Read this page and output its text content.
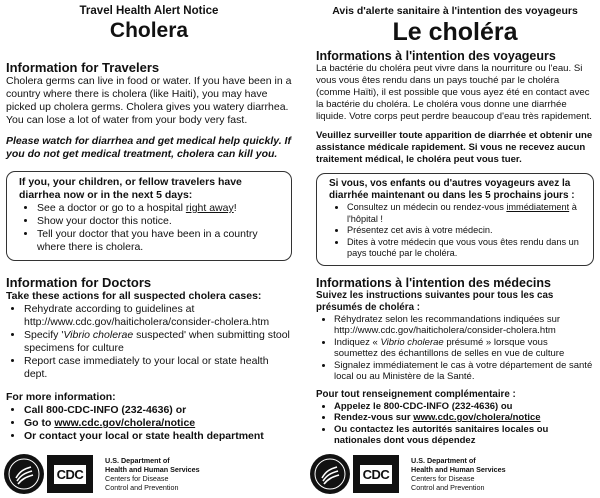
Travel Health Alert Notice
Cholera
Information for Travelers

Cholera germs can live in food or water. If you have been in a country where there is cholera (like Haiti), you may have picked up cholera germs. Cholera gives you watery diarrhea. You can lose a lot of water from your body very fast.

Please watch for diarrhea and get medical help quickly. If you do not get medical treatment, cholera can kill you.

If you, your children, or fellow travelers have diarrhea now or in the next 5 days:
• See a doctor or go to a hospital right away!
• Show your doctor this notice.
• Tell your doctor that you have been in a country where there is cholera.
Information for Doctors
Take these actions for all suspected cholera cases:
• Rehydrate according to guidelines at http://www.cdc.gov/haiticholera/consider-cholera.htm
• Specify 'Vibrio cholerae suspected' when submitting stool specimens for culture
• Report case immediately to your local or state health dept.
For more information:
• Call 800-CDC-INFO (232-4636) or
• Go to www.cdc.gov/cholera/notice
• Or contact your local or state health department
CDC
U.S. Department of
Health and Human Services
Centers for Disease
Control and Prevention
Avis d'alerte sanitaire à l'intention des voyageurs
Le choléra
Informations à l'intention des voyageurs

La bactérie du choléra peut vivre dans la nourriture ou l'eau. Si vous vous êtes rendu dans un pays touché par le choléra (comme Haïti), il est possible que vous ayez été en contact avec la bactérie du choléra. Le choléra vous donne une diarrhée liquide. Votre corps peut perdre beaucoup d'eau très rapidement.

Veuillez surveiller toute apparition de diarrhée et obtenir une assistance médicale rapidement. Si vous ne recevez aucun traitement médical, le choléra peut vous tuer.

Si vous, vos enfants ou d'autres voyageurs avez la diarrhée maintenant ou dans les 5 prochains jours :
• Consultez un médecin ou rendez-vous immédiatement à l'hôpital !
• Présentez cet avis à votre médecin.
• Dites à votre médecin que vous vous êtes rendu dans un pays touché par le choléra.
Informations à l'intention des médecins
Suivez les instructions suivantes pour tous les cas présumés de choléra :
• Réhydratez selon les recommandations indiquées sur http://www.cdc.gov/haiticholera/consider-cholera.htm
• Indiquez « Vibrio cholerae présumé » lorsque vous soumettez des échantillons de selles en vue de culture
• Signalez immédiatement le cas à votre département de santé local ou au Ministère de la Santé.
Pour tout renseignement complémentaire :
• Appelez le 800-CDC-INFO (232-4636) ou
• Rendez-vous sur www.cdc.gov/cholera/notice
• Ou contactez les autorités sanitaires locales ou nationales dont vous dépendez
CDC
U.S. Department of
Health and Human Services
Centers for Disease
Control and Prevention
